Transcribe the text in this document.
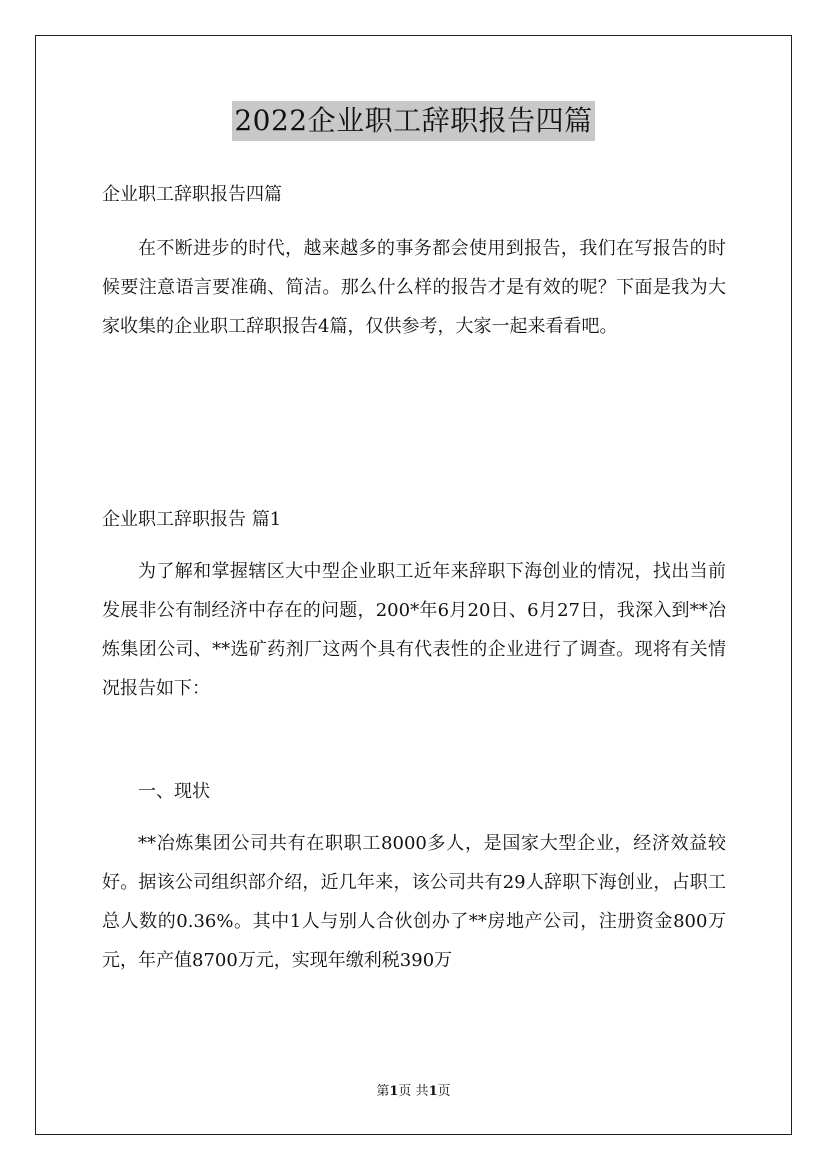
2022企业职工辞职报告四篇
企业职工辞职报告四篇
在不断进步的时代，越来越多的事务都会使用到报告，我们在写报告的时候要注意语言要准确、简洁。那么什么样的报告才是有效的呢？下面是我为大家收集的企业职工辞职报告4篇，仅供参考，大家一起来看看吧。
企业职工辞职报告 篇1
为了解和掌握辖区大中型企业职工近年来辞职下海创业的情况，找出当前发展非公有制经济中存在的问题，200*年6月20日、6月27日，我深入到**冶炼集团公司、**选矿药剂厂这两个具有代表性的企业进行了调查。现将有关情况报告如下：
一、现状
**冶炼集团公司共有在职职工8000多人，是国家大型企业，经济效益较好。据该公司组织部介绍，近几年来，该公司共有29人辞职下海创业，占职工总人数的0.36%。其中1人与别人合伙创办了**房地产公司，注册资金800万元，年产值8700万元，实现年缴利税390万
第1页 共1页
